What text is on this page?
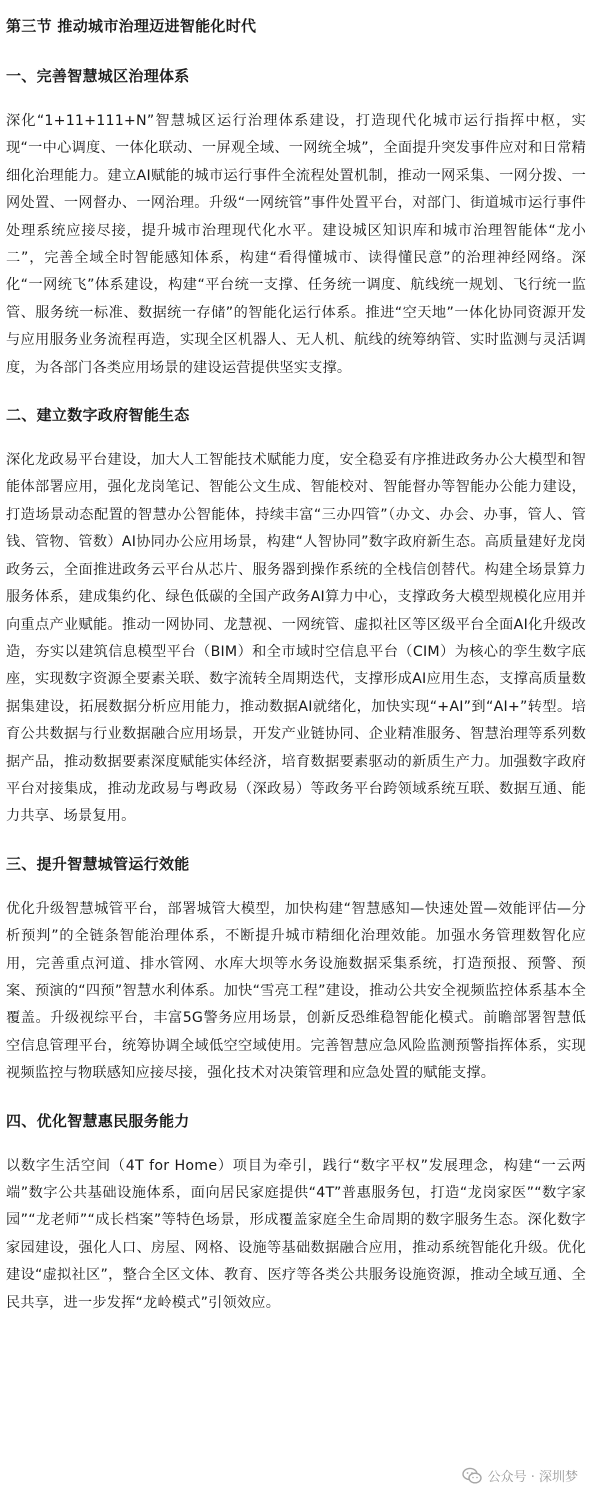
第三节 推动城市治理迈进智能化时代
一、完善智慧城区治理体系

深化“1+11+111+N”智慧城区运行治理体系建设，打造现代化城市运行指挥中枢，实现“一中心调度、一体化联动、一屏观全域、一网统全城”，全面提升突发事件应对和日常精细化治理能力。建立AI赋能的城市运行事件全流程处置机制，推动一网采集、一网分拨、一网处置、一网督办、一网治理。升级“一网统管”事件处置平台，对部门、街道城市运行事件处理系统应接尽接，提升城市治理现代化水平。建设城区知识库和城市治理智能体“龙小二”，完善全域全时智能感知体系，构建“看得懂城市、读得懂民意”的治理神经网络。深化“一网统飞”体系建设，构建“平台统一支撑、任务统一调度、航线统一规划、飞行统一监管、服务统一标准、数据统一存储”的智能化运行体系。推进“空天地”一体化协同资源开发与应用服务业务流程再造，实现全区机器人、无人机、航线的统筹纳管、实时监测与灵活调度，为各部门各类应用场景的建设运营提供坚实支撑。

二、建立数字政府智能生态

深化龙政易平台建设，加大人工智能技术赋能力度，安全稳妥有序推进政务办公大模型和智能体部署应用，强化龙岗笔记、智能公文生成、智能校对、智能督办等智能办公能力建设，打造场景动态配置的智慧办公智能体，持续丰富“三办四管”（办文、办会、办事，管人、管钱、管物、管数）AI协同办公应用场景，构建“人智协同”数字政府新生态。高质量建好龙岗政务云，全面推进政务云平台从芯片、服务器到操作系统的全栈信创替代。构建全场景算力服务体系，建成集约化、绿色低碳的全国产政务AI算力中心，支撑政务大模型规模化应用并向重点产业赋能。推动一网协同、龙慧视、一网统管、虚拟社区等区级平台全面AI化升级改造，夯实以建筑信息模型平台（BIM）和全市域时空信息平台（CIM）为核心的孪生数字底座，实现数字资源全要素关联、数字流转全周期迭代，支撑形成AI应用生态，支撑高质量数据集建设，拓展数据分析应用能力，推动数据AI就绪化，加快实现“+AI”到“AI+”转型。培育公共数据与行业数据融合应用场景，开发产业链协同、企业精准服务、智慧治理等系列数据产品，推动数据要素深度赋能实体经济，培育数据要素驱动的新质生产力。加强数字政府平台对接集成，推动龙政易与粤政易（深政易）等政务平台跨领域系统互联、数据互通、能力共享、场景复用。

三、提升智慧城管运行效能

优化升级智慧城管平台，部署城管大模型，加快构建“智慧感知—快速处置—效能评估—分析预判”的全链条智能治理体系，不断提升城市精细化治理效能。加强水务管理数智化应用，完善重点河道、排水管网、水库大坝等水务设施数据采集系统，打造预报、预警、预案、预演的“四预”智慧水利体系。加快“雪亮工程”建设，推动公共安全视频监控体系基本全覆盖。升级视综平台，丰富5G警务应用场景，创新反恐维稳智能化模式。前瞻部署智慧低空信息管理平台，统筹协调全域低空空域使用。完善智慧应急风险监测预警指挥体系，实现视频监控与物联感知应接尽接，强化技术对决策管理和应急处置的赋能支撑。

四、优化智慧惠民服务能力

以数字生活空间（4T for Home）项目为牵引，践行“数字平权”发展理念，构建“一云两端”数字公共基础设施体系，面向居民家庭提供“4T”普惠服务包，打造“龙岗家医”“数字家园”“龙老师”“成长档案”等特色场景，形成覆盖家庭全生命周期的数字服务生态。深化数字家园建设，强化人口、房屋、网格、设施等基础数据融合应用，推动系统智能化升级。优化建设“虚拟社区”，整合全区文体、教育、医疗等各类公共服务设施资源，推动全域互通、全民共享，进一步发挥“龙岭模式”引领效应。

公众号 · 深圳梦
